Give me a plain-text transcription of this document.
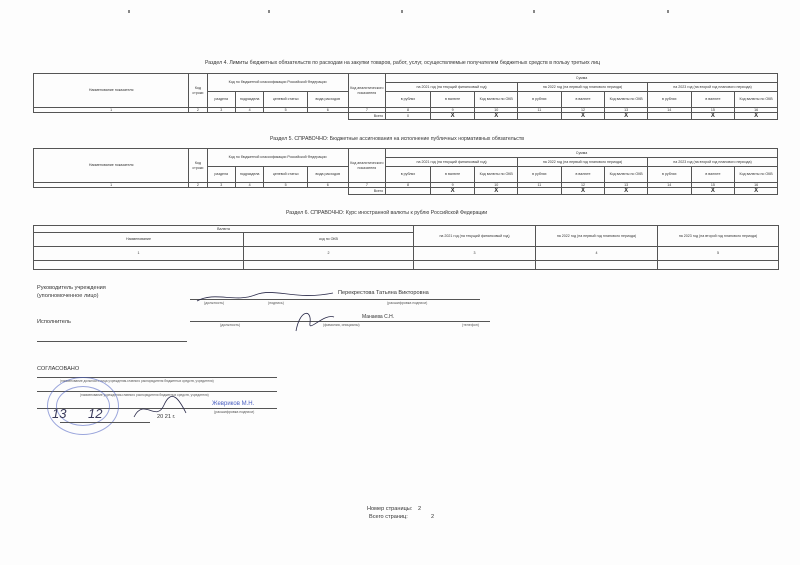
Раздел 4. Лимиты бюджетных обязательств по расходам на закупки товаров, работ, услуг, осуществляемые получателем бюджетных средств в пользу третьих лиц
Наименование показателя	Код строки	Код по бюджетной классификации Российской Федерации				Код аналитического показателя	Сумма								
							на 2021 год (на текущий финансовый год)			на 2022 год (на первый год планового периода)			на 2023 год (на второй год планового периода)		
		раздела	подраздела	целевой статьи	вида расходов		в рублях	в валюте	Код валюты по ОКВ	в рублях	в валюте	Код валюты по ОКВ	в рублях	в валюте	Код валюты по ОКВ
1	2	3	4	5	6	7	8	9	10	11	12	13	14	15	16
						Всего	0	Х	Х		Х	Х		Х	Х
Раздел 5. СПРАВОЧНО: Бюджетные ассигнования на исполнение публичных нормативных обязательств
Наименование показателя	Код строки	Код по бюджетной классификации Российской Федерации				Код аналитического показателя	Сумма								
							на 2021 год (на текущий финансовый год)			на 2022 год (на первый год планового периода)			на 2023 год (на второй год планового периода)		
		раздела	подраздела	целевой статьи	вида расходов		в рублях	в валюте	Код валюты по ОКВ	в рублях	в валюте	Код валюты по ОКВ	в рублях	в валюте	Код валюты по ОКВ
1	2	3	4	5	6	7	8	9	10	11	12	13	14	15	16
						Всего		Х	Х		Х	Х		Х	Х
Раздел 6. СПРАВОЧНО: Курс иностранной валюты к рублю Российской Федерации
Валюта		на 2021 год (на текущий финансовый год)	на 2022 год (на первый год планового периода)	на 2023 год (на второй год планового периода)
Наименование	код по ОКВ			
1	2	3	4	5

Руководитель учреждения
(уполномоченное лицо)	Перекрестова Татьяна Викторовна
(должность)	(подпись)	(расшифровка подписи)
Исполнитель
Манаева С.Н.
(должность)	(фамилия, инициалы)	(телефон)
СОГЛАСОВАНО
(наименование должности лица учреждения-главного распорядителя бюджетных средств, учредителя)
(наименование учреждения-главного распорядителя бюджетных средств, учредителя)
Жевриков М.Н.
(расшифровка подписи)
13 12	20 21 г.
Номер страницы: 2
Всего страниц:	2
